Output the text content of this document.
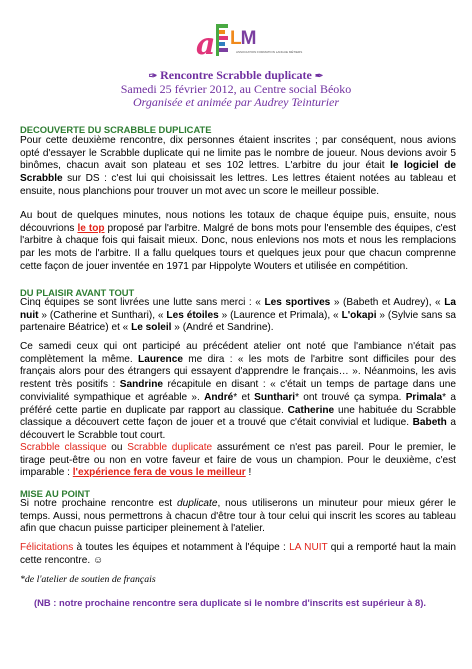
a LM
ASSOCIATION FORMATION LANGUE MÉTIERS
✑ Rencontre Scrabble duplicate ✒
Samedi 25 février 2012, au Centre social Béoko
Organisée et animée par Audrey Teinturier
DECOUVERTE DU SCRABBLE DUPLICATE
Pour cette deuxième rencontre, dix personnes étaient inscrites ; par conséquent, nous avions opté d'essayer le Scrabble duplicate qui ne limite pas le nombre de joueur. Nous devions avoir 5 binômes, chacun avait son plateau et ses 102 lettres. L'arbitre du jour était le logiciel de Scrabble sur DS : c'est lui qui choisissait les lettres. Les lettres étaient notées au tableau et ensuite, nous planchions pour trouver un mot avec un score le meilleur possible.
Au bout de quelques minutes, nous notions les totaux de chaque équipe puis, ensuite, nous découvrions le top proposé par l'arbitre. Malgré de bons mots pour l'ensemble des équipes, c'est l'arbitre à chaque fois qui faisait mieux. Donc, nous enlevions nos mots et nous les remplacions par les mots de l'arbitre. Il a fallu quelques tours et quelques jeux pour que chacun comprenne cette façon de jouer inventée en 1971 par Hippolyte Wouters et utilisée en compétition.
DU PLAISIR AVANT TOUT
Cinq équipes se sont livrées une lutte sans merci : « Les sportives » (Babeth et Audrey), « La nuit » (Catherine et Sunthari), « Les étoiles » (Laurence et Primala), « L'okapi » (Sylvie sans sa partenaire Béatrice) et « Le soleil » (André et Sandrine).
Ce samedi ceux qui ont participé au précédent atelier ont noté que l'ambiance n'était pas complètement la même. Laurence me dira : « les mots de l'arbitre sont difficiles pour des français alors pour des étrangers qui essayent d'apprendre le français… ». Néanmoins, les avis restent très positifs : Sandrine récapitule en disant : « c'était un temps de partage dans une convivialité sympathique et agréable ». André* et Sunthari* ont trouvé ça sympa. Primala* a préféré cette partie en duplicate par rapport au classique. Catherine une habituée du Scrabble classique a découvert cette façon de jouer et a trouvé que c'était convivial et ludique. Babeth a découvert le Scrabble tout court.
Scrabble classique ou Scrabble duplicate assurément ce n'est pas pareil. Pour le premier, le tirage peut-être ou non en votre faveur et faire de vous un champion. Pour le deuxième, c'est imparable : l'expérience fera de vous le meilleur !
MISE AU POINT
Si notre prochaine rencontre est duplicate, nous utiliserons un minuteur pour mieux gérer le temps. Aussi, nous permettrons à chacun d'être tour à tour celui qui inscrit les scores au tableau afin que chacun puisse participer pleinement à l'atelier.
Félicitations à toutes les équipes et notamment à l'équipe : LA NUIT qui a remporté haut la main cette rencontre. ☺
*de l'atelier de soutien de français
(NB : notre prochaine rencontre sera duplicate si le nombre d'inscrits est supérieur à 8).
